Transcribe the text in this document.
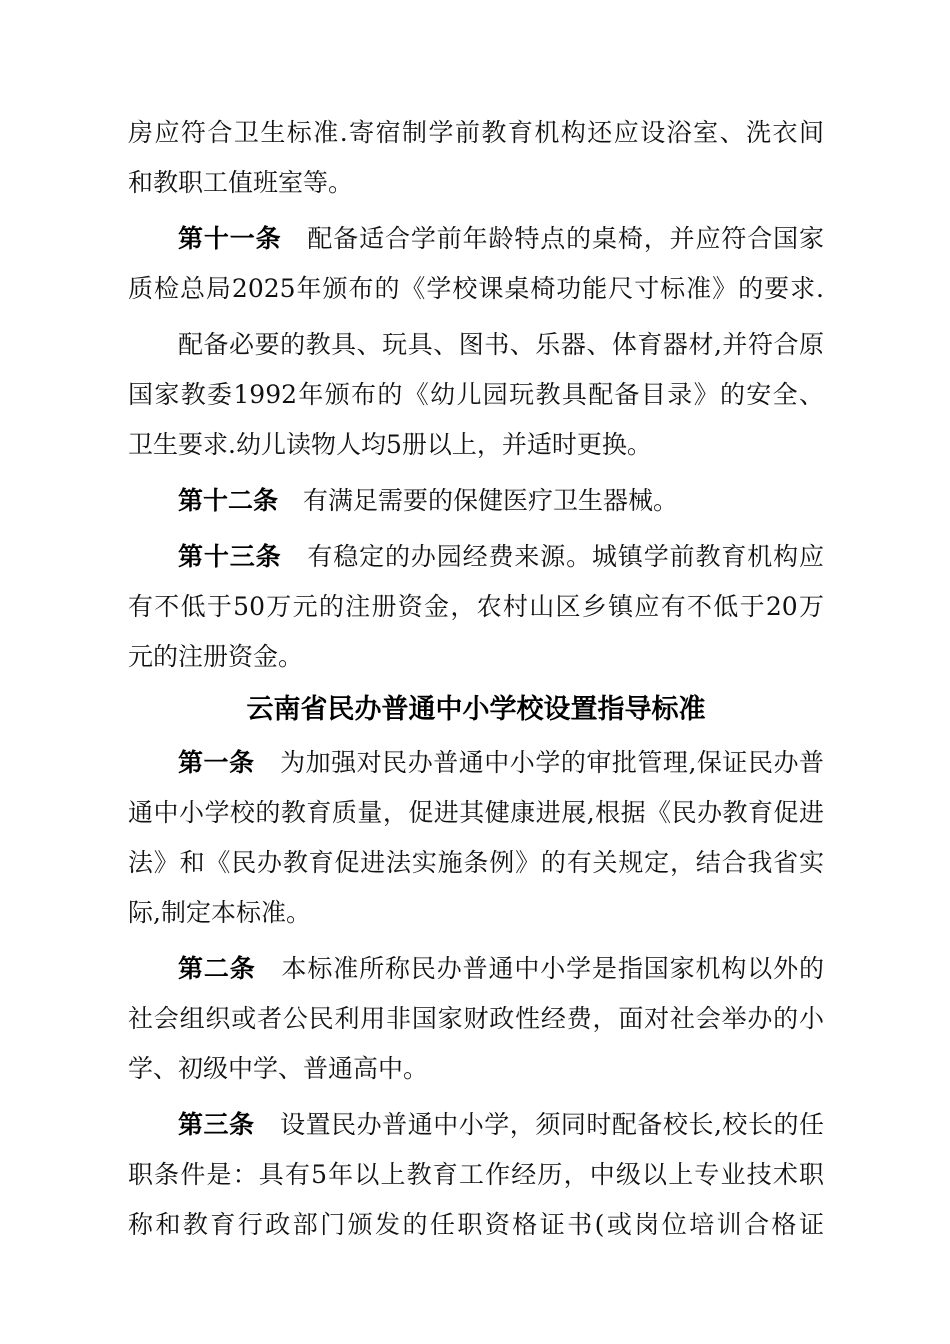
房应符合卫生标准.寄宿制学前教育机构还应设浴室、洗衣间
和教职工值班室等。
第十一条  配备适合学前年龄特点的桌椅，并应符合国家
质检总局2025年颁布的《学校课桌椅功能尺寸标准》的要求.
配备必要的教具、玩具、图书、乐器、体育器材,并符合原
国家教委1992年颁布的《幼儿园玩教具配备目录》的安全、
卫生要求.幼儿读物人均5册以上，并适时更换。
第十二条  有满足需要的保健医疗卫生器械。
第十三条  有稳定的办园经费来源。城镇学前教育机构应
有不低于50万元的注册资金，农村山区乡镇应有不低于20万
元的注册资金。
云南省民办普通中小学校设置指导标准
第一条  为加强对民办普通中小学的审批管理,保证民办普
通中小学校的教育质量，促进其健康进展,根据《民办教育促进
法》和《民办教育促进法实施条例》的有关规定，结合我省实
际,制定本标准。
第二条  本标准所称民办普通中小学是指国家机构以外的
社会组织或者公民利用非国家财政性经费，面对社会举办的小
学、初级中学、普通高中。
第三条  设置民办普通中小学，须同时配备校长,校长的任
职条件是：具有5年以上教育工作经历，中级以上专业技术职
称和教育行政部门颁发的任职资格证书(或岗位培训合格证
